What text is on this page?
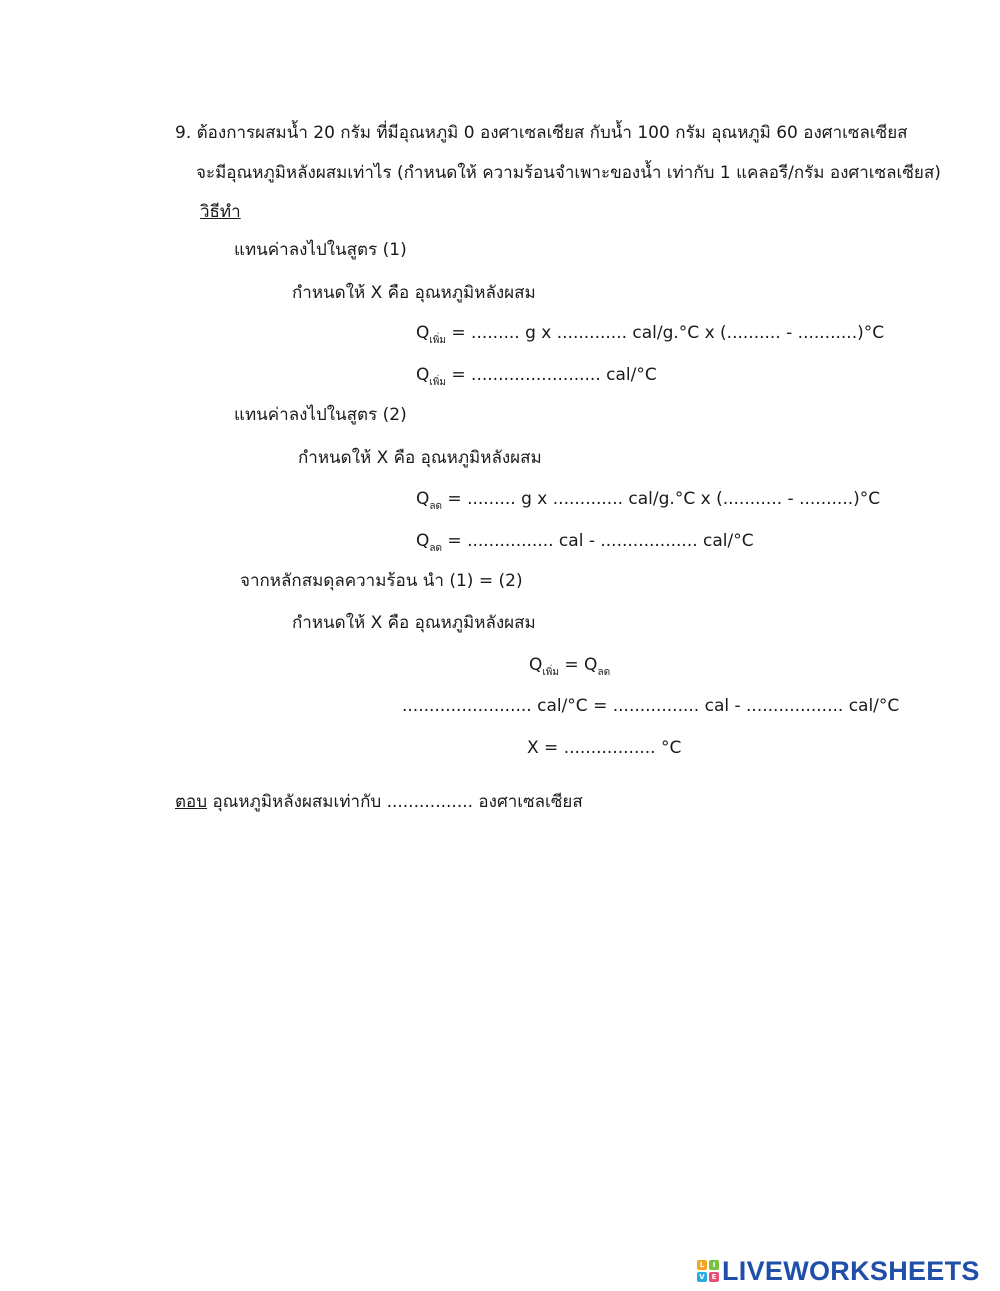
9. ต้องการผสมน้ำ 20 กรัม ที่มีอุณหภูมิ 0 องศาเซลเซียส กับน้ำ 100 กรัม อุณหภูมิ 60 องศาเซลเซียส
จะมีอุณหภูมิหลังผสมเท่าไร (กำหนดให้ ความร้อนจำเพาะของน้ำ เท่ากับ 1 แคลอรี/กรัม องศาเซลเซียส)
วิธีทำ
แทนค่าลงไปในสูตร (1)
กำหนดให้ X คือ อุณหภูมิหลังผสม
$Q_{เพิ่ม}$ = ......... g x ............. cal/g.°C x (.......... - ...........)°C
$Q_{เพิ่ม}$ = ........................ cal/°C
แทนค่าลงไปในสูตร (2)
กำหนดให้ X คือ อุณหภูมิหลังผสม
$Q_{ลด}$ = ......... g x ............. cal/g.°C x (........... - ..........)°C
$Q_{ลด}$ = ................ cal - .................. cal/°C
จากหลักสมดุลความร้อน นำ (1) = (2)
กำหนดให้ X คือ อุณหภูมิหลังผสม
$Q_{เพิ่ม} = Q_{ลด}$
........................ cal/°C = ................ cal - .................. cal/°C
X = ................. °C
ตอบ อุณหภูมิหลังผสมเท่ากับ ................ องศาเซลเซียส
L	I
V E LIVEWORKSHEETS
